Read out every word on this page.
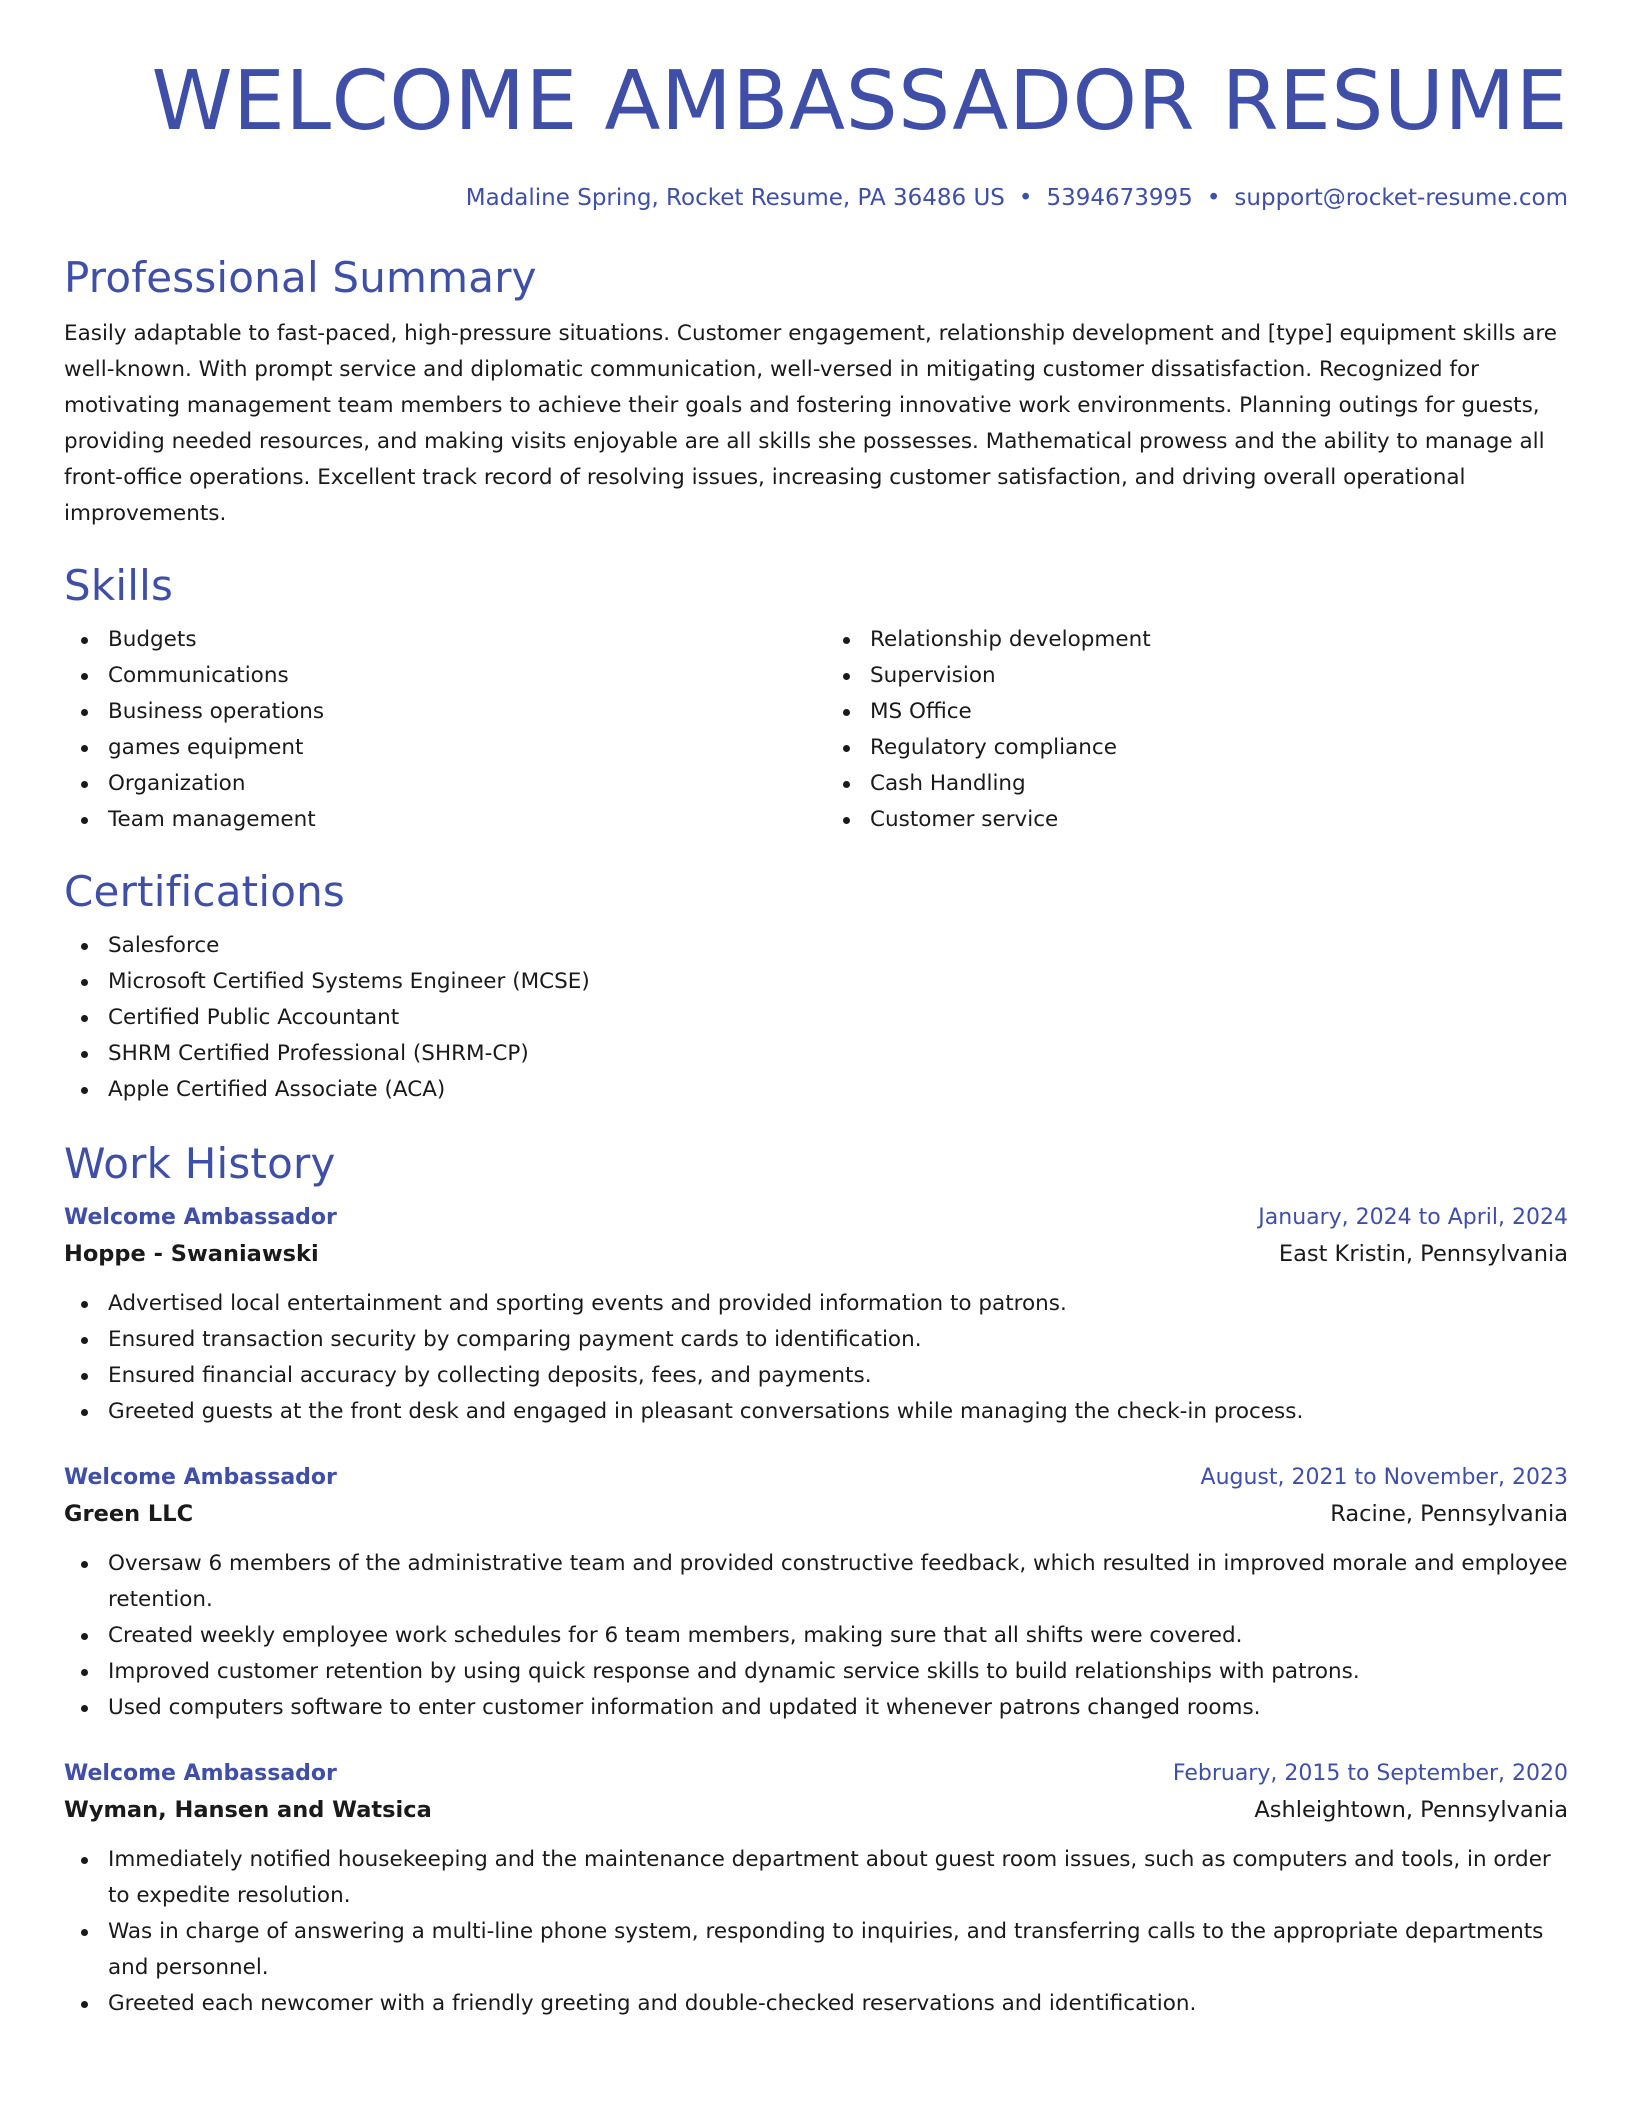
WELCOME AMBASSADOR RESUME
Madaline Spring, Rocket Resume, PA 36486 US • 5394673995 • support@rocket-resume.com
Professional Summary
Easily adaptable to fast-paced, high-pressure situations. Customer engagement, relationship development and [type] equipment skills are well-known. With prompt service and diplomatic communication, well-versed in mitigating customer dissatisfaction. Recognized for motivating management team members to achieve their goals and fostering innovative work environments. Planning outings for guests, providing needed resources, and making visits enjoyable are all skills she possesses. Mathematical prowess and the ability to manage all front-office operations. Excellent track record of resolving issues, increasing customer satisfaction, and driving overall operational improvements.
Skills
Budgets
Communications
Business operations
games equipment
Organization
Team management
Relationship development
Supervision
MS Office
Regulatory compliance
Cash Handling
Customer service
Certifications
Salesforce
Microsoft Certified Systems Engineer (MCSE)
Certified Public Accountant
SHRM Certified Professional (SHRM-CP)
Apple Certified Associate (ACA)
Work History
Welcome Ambassador	January, 2024 to April, 2024
Hoppe - Swaniawski	East Kristin, Pennsylvania
Advertised local entertainment and sporting events and provided information to patrons.
Ensured transaction security by comparing payment cards to identification.
Ensured financial accuracy by collecting deposits, fees, and payments.
Greeted guests at the front desk and engaged in pleasant conversations while managing the check-in process.
Welcome Ambassador	August, 2021 to November, 2023
Green LLC	Racine, Pennsylvania
Oversaw 6 members of the administrative team and provided constructive feedback, which resulted in improved morale and employee retention.
Created weekly employee work schedules for 6 team members, making sure that all shifts were covered.
Improved customer retention by using quick response and dynamic service skills to build relationships with patrons.
Used computers software to enter customer information and updated it whenever patrons changed rooms.
Welcome Ambassador	February, 2015 to September, 2020
Wyman, Hansen and Watsica	Ashleightown, Pennsylvania
Immediately notified housekeeping and the maintenance department about guest room issues, such as computers and tools, in order to expedite resolution.
Was in charge of answering a multi-line phone system, responding to inquiries, and transferring calls to the appropriate departments and personnel.
Greeted each newcomer with a friendly greeting and double-checked reservations and identification.
